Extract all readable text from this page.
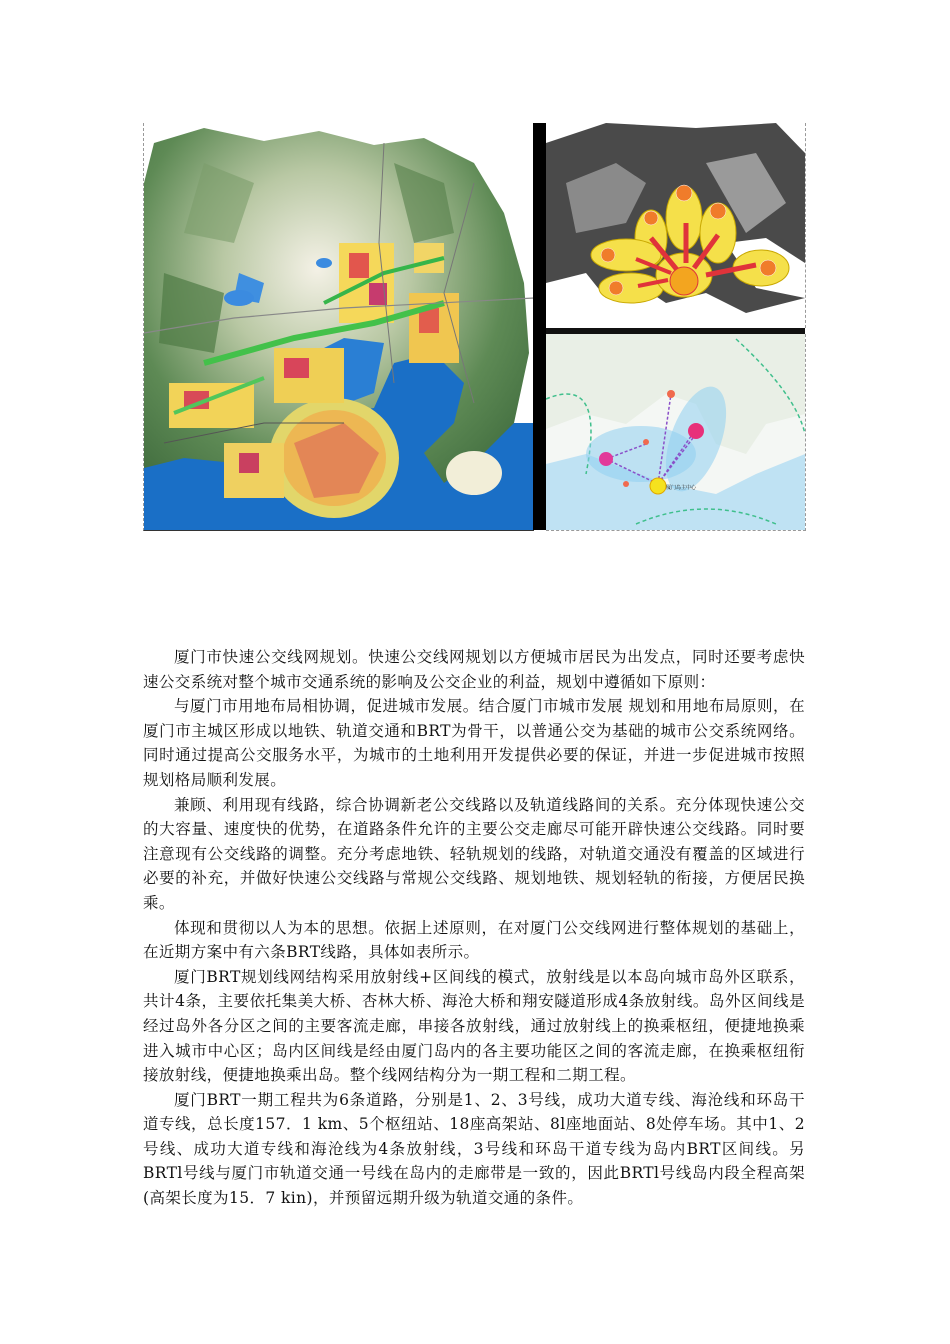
厦门岛主中心

厦门市快速公交线网规划。快速公交线网规划以方便城市居民为出发点，同时还要考虑快速公交系统对整个城市交通系统的影响及公交企业的利益，规划中遵循如下原则：

与厦门市用地布局相协调，促进城市发展。结合厦门市城市发展 规划和用地布局原则，在厦门市主城区形成以地铁、轨道交通和BRT为骨干，以普通公交为基础的城市公交系统网络。同时通过提高公交服务水平，为城市的土地利用开发提供必要的保证，并进一步促进城市按照规划格局顺利发展。

兼顾、利用现有线路，综合协调新老公交线路以及轨道线路间的关系。充分体现快速公交的大容量、速度快的优势，在道路条件允许的主要公交走廊尽可能开辟快速公交线路。同时要注意现有公交线路的调整。充分考虑地铁、轻轨规划的线路，对轨道交通没有覆盖的区域进行必要的补充，并做好快速公交线路与常规公交线路、规划地铁、规划轻轨的衔接，方便居民换乘。

体现和贯彻以人为本的思想。依据上述原则，在对厦门公交线网进行整体规划的基础上，在近期方案中有六条BRT线路，具体如表所示。

厦门BRT规划线网结构采用放射线+区间线的模式，放射线是以本岛向城市岛外区联系，共计4条，主要依托集美大桥、杏林大桥、海沧大桥和翔安隧道形成4条放射线。岛外区间线是经过岛外各分区之间的主要客流走廊，串接各放射线，通过放射线上的换乘枢纽，便捷地换乘进入城市中心区；岛内区间线是经由厦门岛内的各主要功能区之间的客流走廊，在换乘枢纽衔接放射线，便捷地换乘出岛。整个线网结构分为一期工程和二期工程。

厦门BRT一期工程共为6条道路，分别是1、2、3号线，成功大道专线、海沧线和环岛干道专线，总长度157．1 km、5个枢纽站、18座高架站、8l座地面站、8处停车场。其中1、2号线、成功大道专线和海沧线为4条放射线，3号线和环岛干道专线为岛内BRT区间线。另BRTl号线与厦门市轨道交通一号线在岛内的走廊带是一致的，因此BRTl号线岛内段全程高架(高架长度为15．7 kin)，并预留远期升级为轨道交通的条件。
